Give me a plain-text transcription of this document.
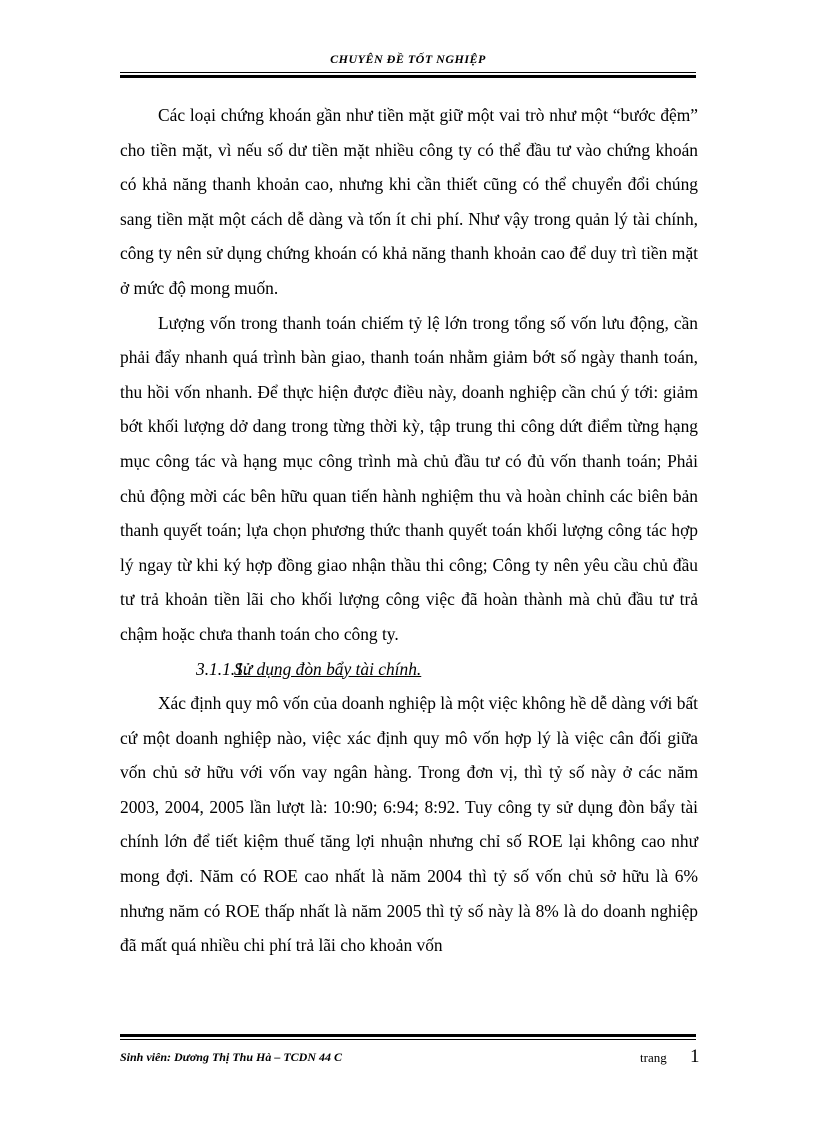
CHUYÊN ĐỀ TỐT NGHIỆP

Các loại chứng khoán gần như tiền mặt giữ một vai trò như một “bước đệm” cho tiền mặt, vì nếu số dư tiền mặt nhiều công ty có thể đầu tư vào chứng khoán có khả năng thanh khoản cao, nhưng khi cần thiết cũng có thể chuyển đổi chúng sang tiền mặt một cách dễ dàng và tốn ít chi phí. Như vậy trong quản lý tài chính, công ty nên sử dụng chứng khoán có khả năng thanh khoản cao để duy trì tiền mặt ở mức độ mong muốn.

Lượng vốn trong thanh toán chiếm tỷ lệ lớn trong tổng số vốn lưu động, cần phải đẩy nhanh quá trình bàn giao, thanh toán nhằm giảm bớt số ngày thanh toán, thu hồi vốn nhanh. Để thực hiện được điều này, doanh nghiệp cần chú ý tới: giảm bớt khối lượng dở dang trong từng thời kỳ, tập trung thi công dứt điểm từng hạng mục công tác và hạng mục công trình mà chủ đầu tư có đủ vốn thanh toán; Phải chủ động mời các bên hữu quan tiến hành nghiệm thu và hoàn chỉnh các biên bản thanh quyết toán; lựa chọn phương thức thanh quyết toán khối lượng công tác hợp lý ngay từ khi ký hợp đồng giao nhận thầu thi công; Công ty nên yêu cầu chủ đầu tư trả khoản tiền lãi cho khối lượng công việc đã hoàn thành mà chủ đầu tư trả chậm hoặc chưa thanh toán cho công ty.

3.1.1.1.Sử dụng đòn bẩy tài chính.

Xác định quy mô vốn của doanh nghiệp là một việc không hề dễ dàng với bất cứ một doanh nghiệp nào, việc xác định quy mô vốn hợp lý là việc cân đối giữa vốn chủ sở hữu với vốn vay ngân hàng. Trong đơn vị, thì tỷ số này ở các năm 2003, 2004, 2005 lần lượt là: 10:90; 6:94; 8:92. Tuy công ty sử dụng đòn bẩy tài chính lớn để tiết kiệm thuế tăng lợi nhuận nhưng chỉ số ROE lại không cao như mong đợi. Năm có ROE cao nhất là năm 2004 thì tỷ số vốn chủ sở hữu là 6% nhưng năm có ROE thấp nhất là năm 2005 thì tỷ số này là 8% là do doanh nghiệp đã mất quá nhiều chi phí trả lãi cho khoản vốn

Sinh viên: Dương Thị Thu Hà – TCDN 44 C	trang 1
